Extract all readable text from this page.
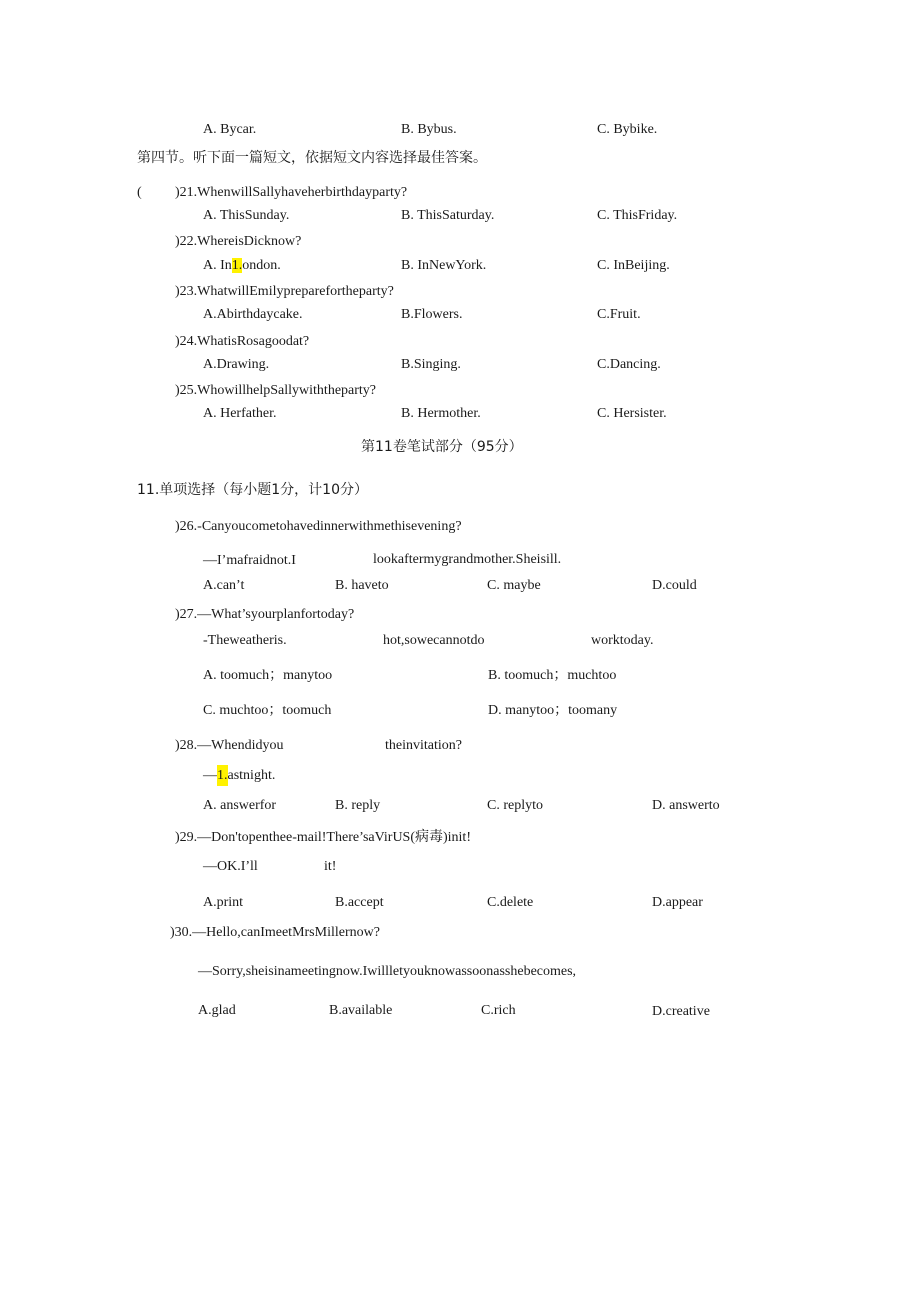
A. Bycar.	B. Bybus.	C. Bybike.
第四节。听下面一篇短文，依据短文内容选择最佳答案。
( )21.WhenwillSallyhaveherbirthdayparty?
A. ThisSunday.	B. ThisSaturday.	C. ThisFriday.
)22.WhereisDicknow?
A. In1.ondon.	B. InNewYork.	C. InBeijing.
)23.WhatwillEmilypreparefortheparty?
A.Abirthdaycake.	B.Flowers.	C.Fruit.
)24.WhatisRosagoodat?
A.Drawing.	B.Singing.	C.Dancing.
)25.WhowillhelpSallywiththeparty?
A. Herfather.	B. Hermother.	C. Hersister.
第11卷笔试部分（95分）
11.单项选择（每小题1分，计10分）
)26.-Canyoucometohavedinnerwithmethisevening?
—I’mafraidnot.I	lookaftermygrandmother.Sheisill.
A.can’t	B. haveto	C. maybe	D.could
)27.—What’syourplanfortoday?
-Theweatheris.	hot,sowecannotdo	worktoday.
A. toomuch；manytoo	B. toomuch；muchtoo
C. muchtoo；toomuch	D. manytoo；toomany
)28.—Whendidyou	theinvitation?
—1.astnight.
A. answerfor	B. reply	C. replyto	D. answerto
)29.—Don'topenthee-mail!There’saVirUS(病毒)init!
—OK.I’ll	it!
A.print	B.accept	C.delete	D.appear
)30.—Hello,canImeetMrsMillernow?
—Sorry,sheisinameetingnow.Iwillletyouknowassoonasshebecomes,
A.glad	B.available	C.rich	D.creative
